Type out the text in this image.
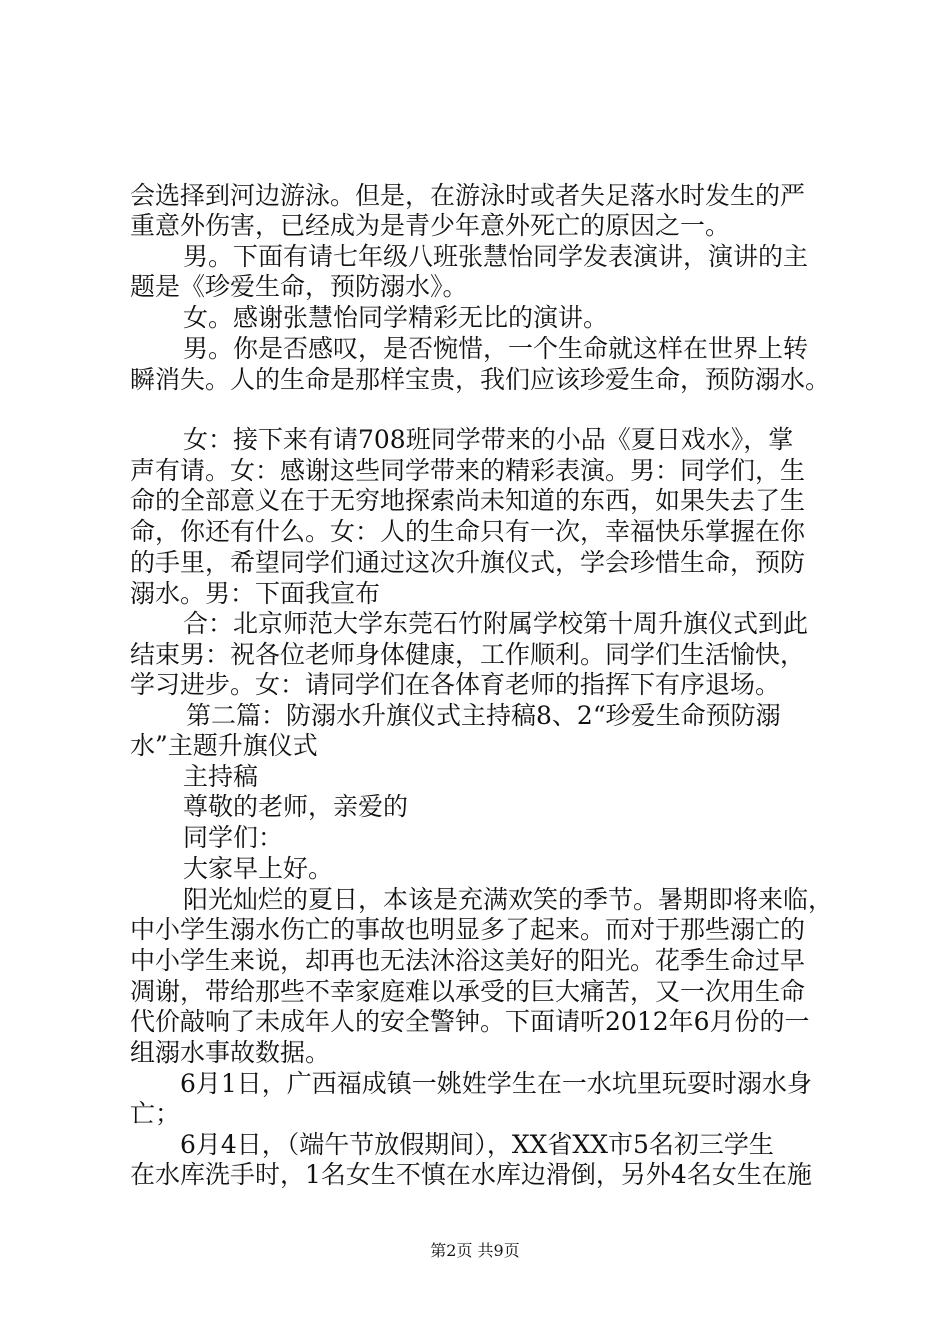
会选择到河边游泳。但是，在游泳时或者失足落水时发生的严
重意外伤害，已经成为是青少年意外死亡的原因之一。
男。下面有请七年级八班张慧怡同学发表演讲，演讲的主
题是《珍爱生命，预防溺水》。
女。感谢张慧怡同学精彩无比的演讲。
男。你是否感叹，是否惋惜，一个生命就这样在世界上转
瞬消失。人的生命是那样宝贵，我们应该珍爱生命，预防溺水。
女：接下来有请708班同学带来的小品《夏日戏水》，掌
声有请。女：感谢这些同学带来的精彩表演。男：同学们，生
命的全部意义在于无穷地探索尚未知道的东西，如果失去了生
命，你还有什么。女：人的生命只有一次，幸福快乐掌握在你
的手里，希望同学们通过这次升旗仪式，学会珍惜生命，预防
溺水。男：下面我宣布
合：北京师范大学东莞石竹附属学校第十周升旗仪式到此
结束男：祝各位老师身体健康，工作顺利。同学们生活愉快，
学习进步。女：请同学们在各体育老师的指挥下有序退场。
第二篇：防溺水升旗仪式主持稿8、2“珍爱生命预防溺
水”主题升旗仪式
主持稿
尊敬的老师，亲爱的
同学们：
大家早上好。
阳光灿烂的夏日，本该是充满欢笑的季节。暑期即将来临，
中小学生溺水伤亡的事故也明显多了起来。而对于那些溺亡的
中小学生来说，却再也无法沐浴这美好的阳光。花季生命过早
凋谢，带给那些不幸家庭难以承受的巨大痛苦，又一次用生命
代价敲响了未成年人的安全警钟。下面请听2012年6月份的一
组溺水事故数据。
6月1日，广西福成镇一姚姓学生在一水坑里玩耍时溺水身
亡；
6月4日，（端午节放假期间），XX省XX市5名初三学生
在水库洗手时，1名女生不慎在水库边滑倒，另外4名女生在施
第2页 共9页
